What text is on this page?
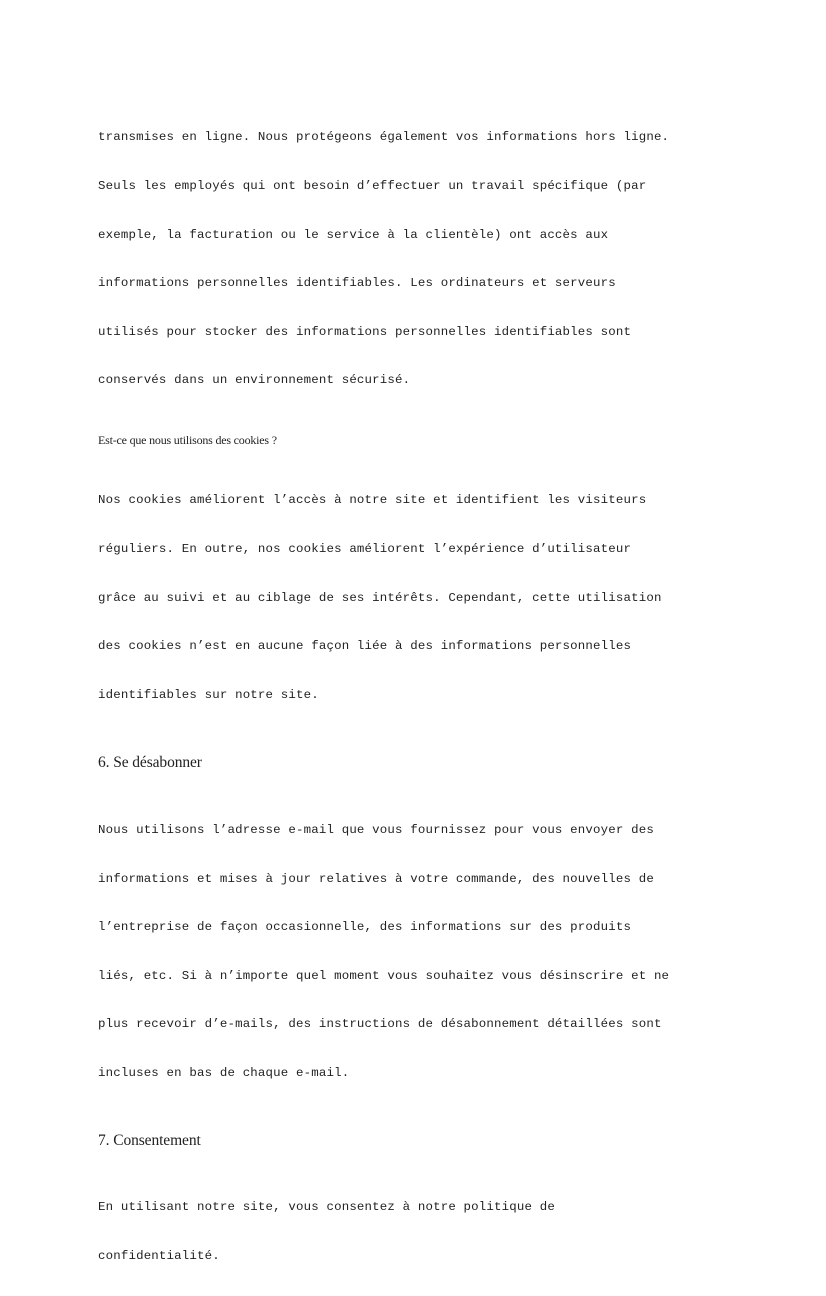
transmises en ligne. Nous protégeons également vos informations hors ligne.

Seuls les employés qui ont besoin d’effectuer un travail spécifique (par

exemple, la facturation ou le service à la clientèle) ont accès aux

informations personnelles identifiables. Les ordinateurs et serveurs

utilisés pour stocker des informations personnelles identifiables sont

conservés dans un environnement sécurisé.

Est-ce que nous utilisons des cookies ?

Nos cookies améliorent l’accès à notre site et identifient les visiteurs

réguliers. En outre, nos cookies améliorent l’expérience d’utilisateur

grâce au suivi et au ciblage de ses intérêts. Cependant, cette utilisation

des cookies n’est en aucune façon liée à des informations personnelles

identifiables sur notre site.

6. Se désabonner

Nous utilisons l’adresse e-mail que vous fournissez pour vous envoyer des

informations et mises à jour relatives à votre commande, des nouvelles de

l’entreprise de façon occasionnelle, des informations sur des produits

liés, etc. Si à n’importe quel moment vous souhaitez vous désinscrire et ne

plus recevoir d’e-mails, des instructions de désabonnement détaillées sont

incluses en bas de chaque e-mail.

7. Consentement

En utilisant notre site, vous consentez à notre politique de

confidentialité.
